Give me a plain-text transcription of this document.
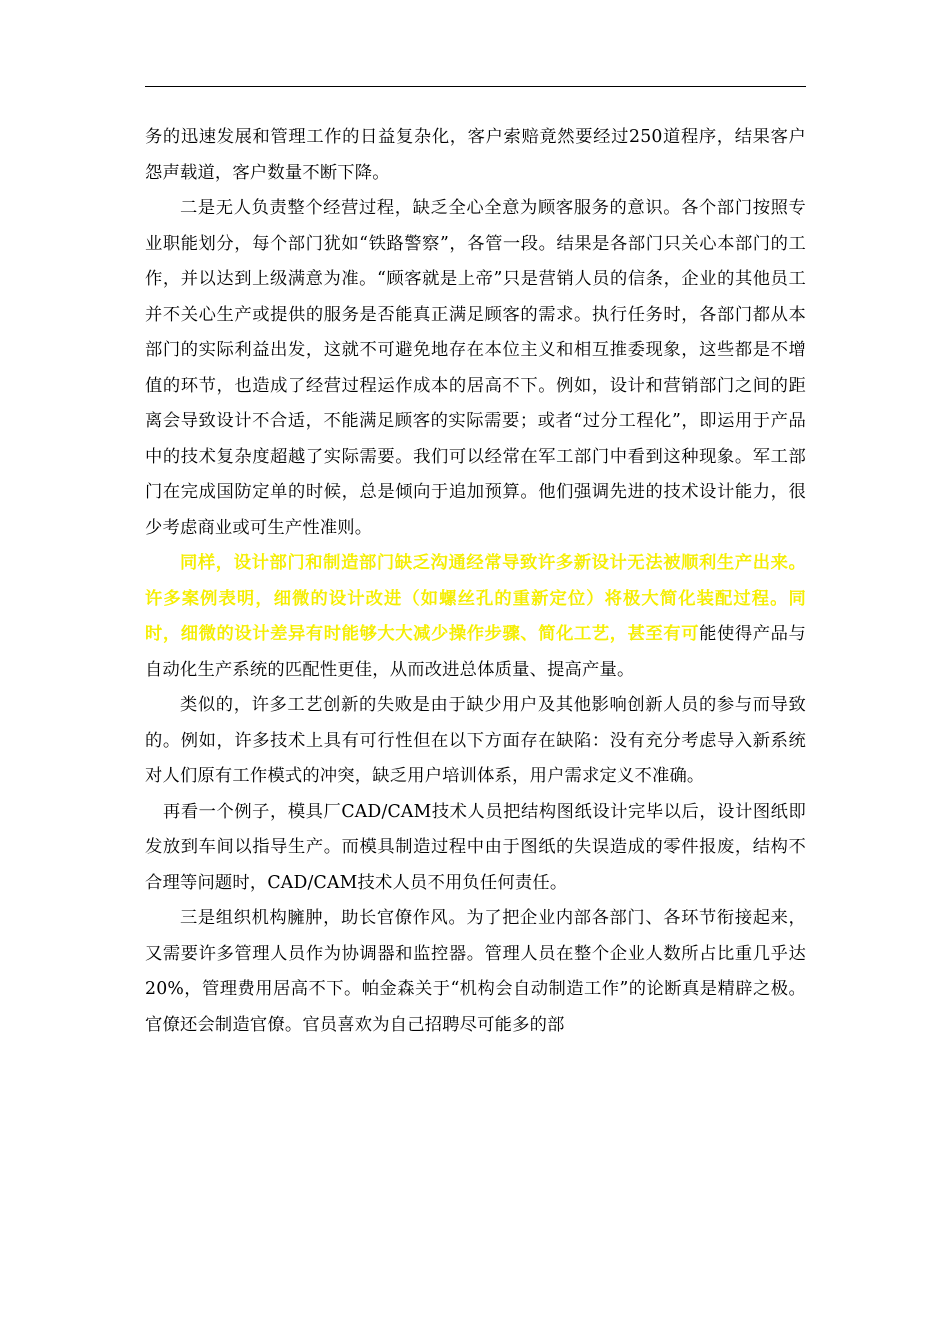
务的迅速发展和管理工作的日益复杂化，客户索赔竟然要经过250道程序，结果客户怨声载道，客户数量不断下降。

二是无人负责整个经营过程，缺乏全心全意为顾客服务的意识。各个部门按照专业职能划分，每个部门犹如“铁路警察”，各管一段。结果是各部门只关心本部门的工作，并以达到上级满意为准。“顾客就是上帝”只是营销人员的信条，企业的其他员工并不关心生产或提供的服务是否能真正满足顾客的需求。执行任务时，各部门都从本部门的实际利益出发，这就不可避免地存在本位主义和相互推委现象，这些都是不增值的环节，也造成了经营过程运作成本的居高不下。例如，设计和营销部门之间的距离会导致设计不合适，不能满足顾客的实际需要；或者“过分工程化”，即运用于产品中的技术复杂度超越了实际需要。我们可以经常在军工部门中看到这种现象。军工部门在完成国防定单的时候，总是倾向于追加预算。他们强调先进的技术设计能力，很少考虑商业或可生产性准则。

同样，设计部门和制造部门缺乏沟通经常导致许多新设计无法被顺利生产出来。许多案例表明，细微的设计改进（如螺丝孔的重新定位）将极大简化装配过程。同时，细微的设计差异有时能够大大减少操作步骤、简化工艺，甚至有可能使得产品与自动化生产系统的匹配性更佳，从而改进总体质量、提高产量。

类似的，许多工艺创新的失败是由于缺少用户及其他影响创新人员的参与而导致的。例如，许多技术上具有可行性但在以下方面存在缺陷：没有充分考虑导入新系统对人们原有工作模式的冲突，缺乏用户培训体系，用户需求定义不准确。

再看一个例子，模具厂CAD/CAM技术人员把结构图纸设计完毕以后，设计图纸即发放到车间以指导生产。而模具制造过程中由于图纸的失误造成的零件报废，结构不合理等问题时，CAD/CAM技术人员不用负任何责任。

三是组织机构臃肿，助长官僚作风。为了把企业内部各部门、各环节衔接起来，又需要许多管理人员作为协调器和监控器。管理人员在整个企业人数所占比重几乎达20%，管理费用居高不下。帕金森关于“机构会自动制造工作”的论断真是精辟之极。官僚还会制造官僚。官员喜欢为自己招聘尽可能多的部
